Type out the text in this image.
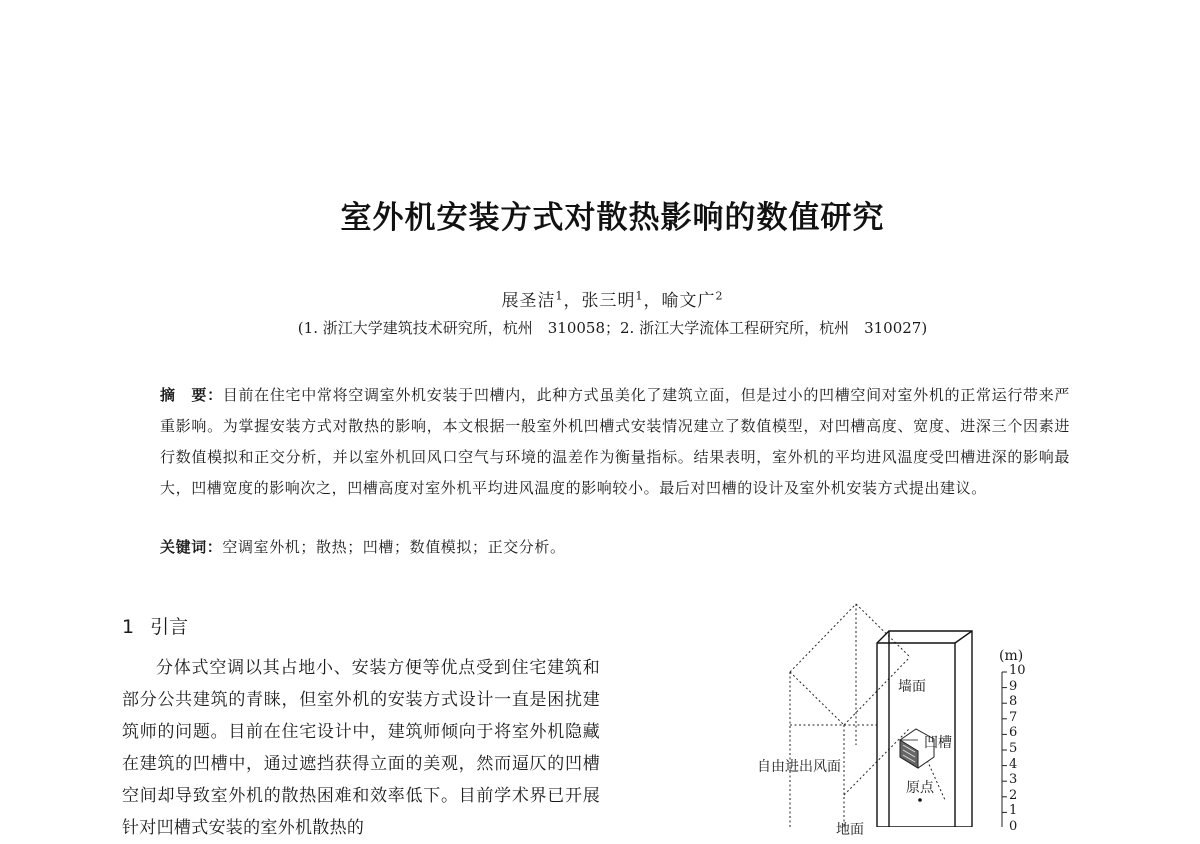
室外机安装方式对散热影响的数值研究
展圣洁$^1$，张三明$^1$，喻文广$^2$
(1. 浙江大学建筑技术研究所，杭州　310058；2. 浙江大学流体工程研究所，杭州　310027)
摘　要：目前在住宅中常将空调室外机安装于凹槽内，此种方式虽美化了建筑立面，但是过小的凹槽空间对室外机的正常运行带来严重影响。为掌握安装方式对散热的影响，本文根据一般室外机凹槽式安装情况建立了数值模型，对凹槽高度、宽度、进深三个因素进行数值模拟和正交分析，并以室外机回风口空气与环境的温差作为衡量指标。结果表明，室外机的平均进风温度受凹槽进深的影响最大，凹槽宽度的影响次之，凹槽高度对室外机平均进风温度的影响较小。最后对凹槽的设计及室外机安装方式提出建议。
关键词：空调室外机；散热；凹槽；数值模拟；正交分析。
1 引言
分体式空调以其占地小、安装方便等优点受到住宅建筑和部分公共建筑的青睐，但室外机的安装方式设计一直是困扰建筑师的问题。目前在住宅设计中，建筑师倾向于将室外机隐藏在建筑的凹槽中，通过遮挡获得立面的美观，然而逼仄的凹槽空间却导致室外机的散热困难和效率低下。目前学术界已开展针对凹槽式安装的室外机散热的
(m)
墙面
凹槽
自由进出风面
原点
地面
10
9
8
7
6
5
4
3
2
1
0
